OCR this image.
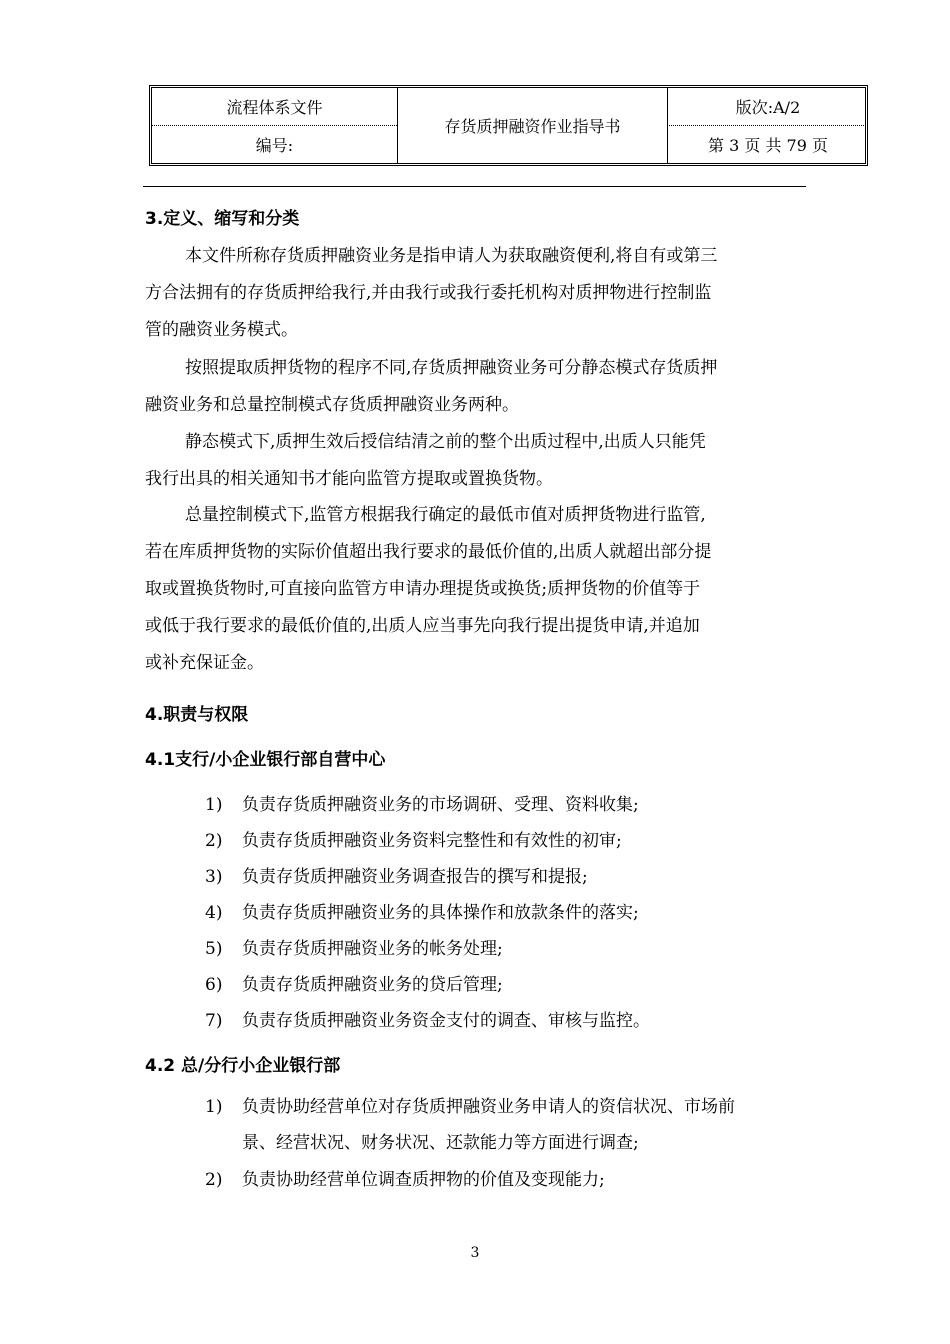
流程体系文件
编号:
存货质押融资作业指导书
版次:A/2
第 3 页 共 79 页
3.定义、缩写和分类
本文件所称存货质押融资业务是指申请人为获取融资便利,将自有或第三
方合法拥有的存货质押给我行,并由我行或我行委托机构对质押物进行控制监
管的融资业务模式。
按照提取质押货物的程序不同,存货质押融资业务可分静态模式存货质押
融资业务和总量控制模式存货质押融资业务两种。
静态模式下,质押生效后授信结清之前的整个出质过程中,出质人只能凭
我行出具的相关通知书才能向监管方提取或置换货物。
总量控制模式下,监管方根据我行确定的最低市值对质押货物进行监管,
若在库质押货物的实际价值超出我行要求的最低价值的,出质人就超出部分提
取或置换货物时,可直接向监管方申请办理提货或换货;质押货物的价值等于
或低于我行要求的最低价值的,出质人应当事先向我行提出提货申请,并追加
或补充保证金。
4.职责与权限
4.1支行/小企业银行部自营中心
1) 负责存货质押融资业务的市场调研、受理、资料收集;
2) 负责存货质押融资业务资料完整性和有效性的初审;
3) 负责存货质押融资业务调查报告的撰写和提报;
4) 负责存货质押融资业务的具体操作和放款条件的落实;
5) 负责存货质押融资业务的帐务处理;
6) 负责存货质押融资业务的贷后管理;
7) 负责存货质押融资业务资金支付的调查、审核与监控。
4.2 总/分行小企业银行部
1) 负责协助经营单位对存货质押融资业务申请人的资信状况、市场前
景、经营状况、财务状况、还款能力等方面进行调查;
2) 负责协助经营单位调查质押物的价值及变现能力;
3
